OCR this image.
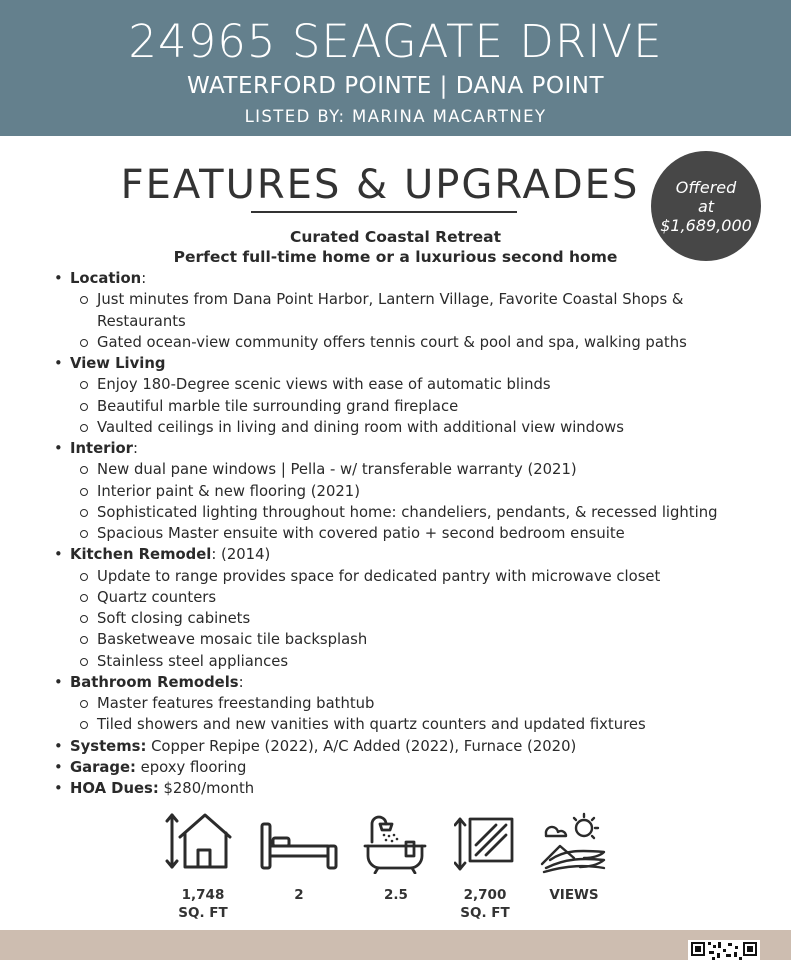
24965 SEAGATE DRIVE
WATERFORD POINTE | DANA POINT
LISTED BY: MARINA MACARTNEY
FEATURES & UPGRADES	Offered
at
$1,689,000
Curated Coastal Retreat
Perfect full-time home or a luxurious second home
• Location:
Just minutes from Dana Point Harbor, Lantern Village, Favorite Coastal Shops & Restaurants
Gated ocean-view community offers tennis court & pool and spa, walking paths
• View Living
Enjoy 180-Degree scenic views with ease of automatic blinds
Beautiful marble tile surrounding grand fireplace
Vaulted ceilings in living and dining room with additional view windows
• Interior:
New dual pane windows | Pella - w/ transferable warranty (2021)
Interior paint & new flooring (2021)
Sophisticated lighting throughout home: chandeliers, pendants, & recessed lighting
Spacious Master ensuite with covered patio + second bedroom ensuite
• Kitchen Remodel: (2014)
Update to range provides space for dedicated pantry with microwave closet
Quartz counters
Soft closing cabinets
Basketweave mosaic tile backsplash
Stainless steel appliances
• Bathroom Remodels:
Master features freestanding bathtub
Tiled showers and new vanities with quartz counters and updated fixtures
• Systems: Copper Repipe (2022), A/C Added (2022), Furnace (2020)
• Garage: epoxy flooring
• HOA Dues: $280/month
1,748
SQ. FT
2	2.5	2,700
SQ. FT
VIEWS
